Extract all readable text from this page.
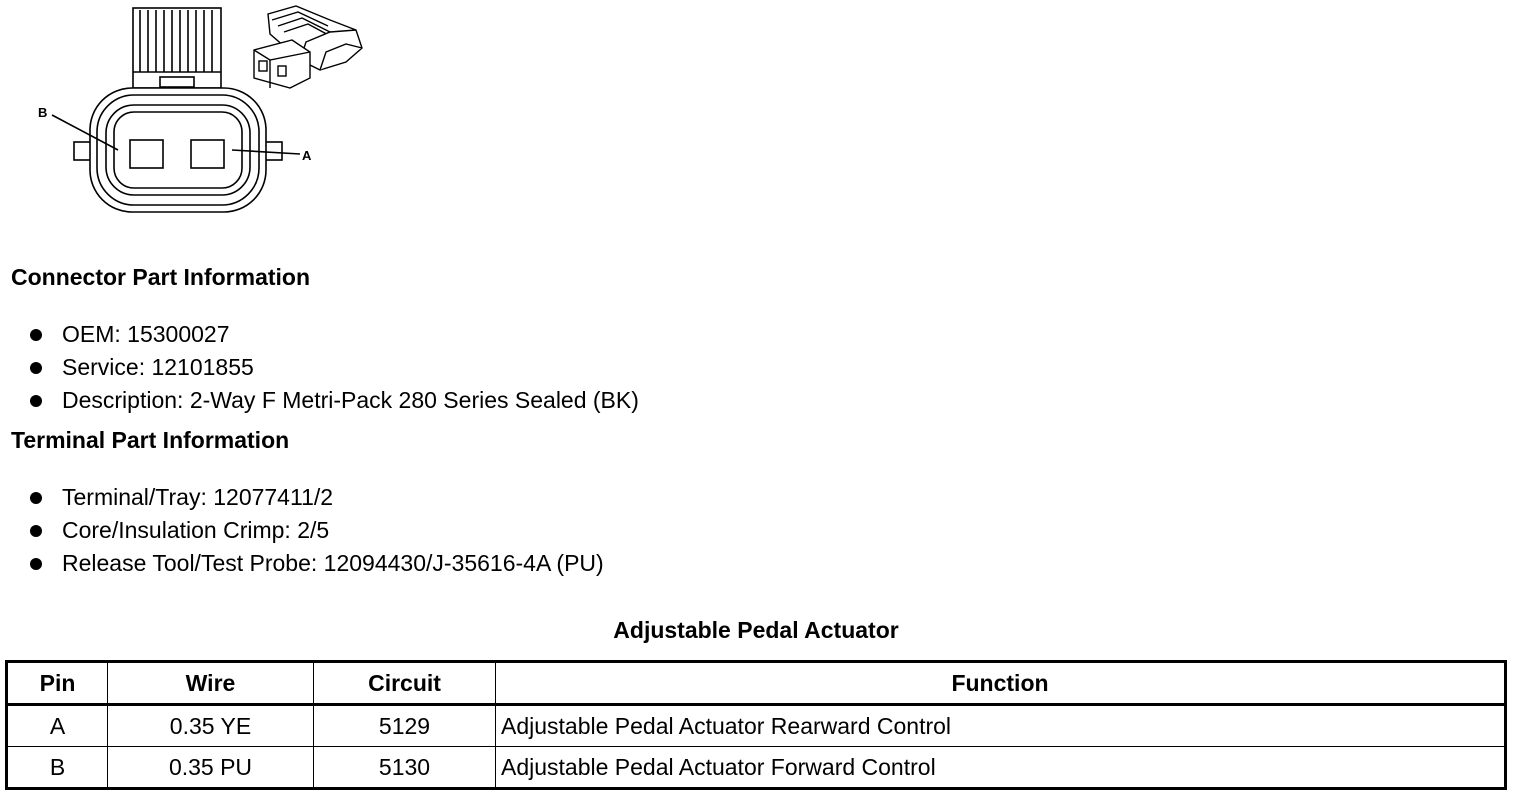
B
A
Connector Part Information
OEM: 15300027
Service: 12101855
Description: 2-Way F Metri-Pack 280 Series Sealed (BK)
Terminal Part Information
Terminal/Tray: 12077411/2
Core/Insulation Crimp: 2/5
Release Tool/Test Probe: 12094430/J-35616-4A (PU)
Adjustable Pedal Actuator
Pin	Wire	Circuit	Function
A	0.35 YE	5129	Adjustable Pedal Actuator Rearward Control
B	0.35 PU	5130	Adjustable Pedal Actuator Forward Control
